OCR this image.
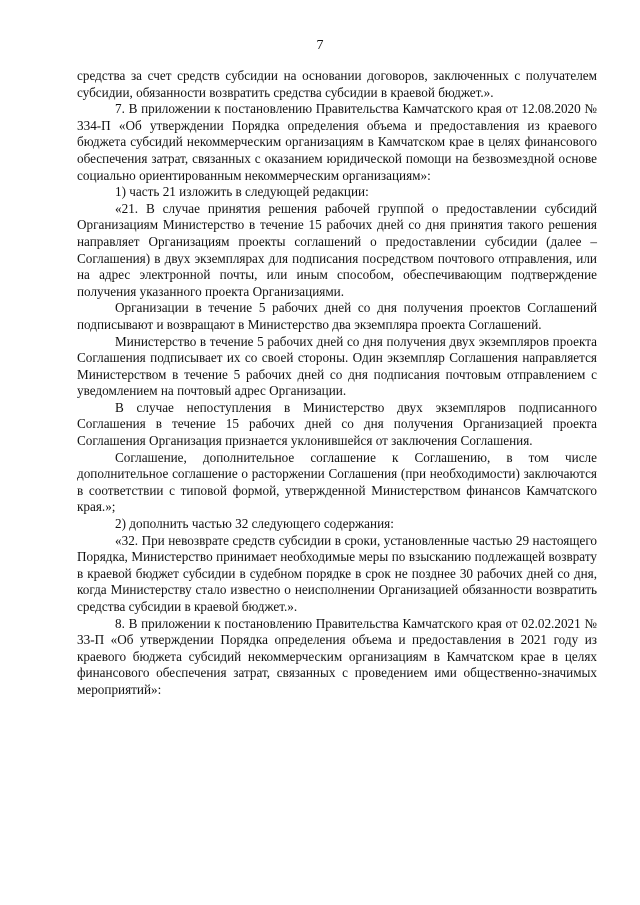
7

средства за счет средств субсидии на основании договоров, заключенных с получателем субсидии, обязанности возвратить средства субсидии в краевой бюджет.».

7. В приложении к постановлению Правительства Камчатского края от 12.08.2020 № 334-П «Об утверждении Порядка определения объема и предоставления из краевого бюджета субсидий некоммерческим организациям в Камчатском крае в целях финансового обеспечения затрат, связанных с оказанием юридической помощи на безвозмездной основе социально ориентированным некоммерческим организациям»:

1) часть 21 изложить в следующей редакции:

«21. В случае принятия решения рабочей группой о предоставлении субсидий Организациям Министерство в течение 15 рабочих дней со дня принятия такого решения направляет Организациям проекты соглашений о предоставлении субсидии (далее – Соглашения) в двух экземплярах для подписания посредством почтового отправления, или на адрес электронной почты, или иным способом, обеспечивающим подтверждение получения указанного проекта Организациями.

Организации в течение 5 рабочих дней со дня получения проектов Соглашений подписывают и возвращают в Министерство два экземпляра проекта Соглашений.

Министерство в течение 5 рабочих дней со дня получения двух экземпляров проекта Соглашения подписывает их со своей стороны. Один экземпляр Соглашения направляется Министерством в течение 5 рабочих дней со дня подписания почтовым отправлением с уведомлением на почтовый адрес Организации.

В случае непоступления в Министерство двух экземпляров подписанного Соглашения в течение 15 рабочих дней со дня получения Организацией проекта Соглашения Организация признается уклонившейся от заключения Соглашения.

Соглашение, дополнительное соглашение к Соглашению, в том числе дополнительное соглашение о расторжении Соглашения (при необходимости) заключаются в соответствии с типовой формой, утвержденной Министерством финансов Камчатского края.»;

2) дополнить частью 32 следующего содержания:

«32. При невозврате средств субсидии в сроки, установленные частью 29 настоящего Порядка, Министерство принимает необходимые меры по взысканию подлежащей возврату в краевой бюджет субсидии в судебном порядке в срок не позднее 30 рабочих дней со дня, когда Министерству стало известно о неисполнении Организацией обязанности возвратить средства субсидии в краевой бюджет.».

8. В приложении к постановлению Правительства Камчатского края от 02.02.2021 № 33-П «Об утверждении Порядка определения объема и предоставления в 2021 году из краевого бюджета субсидий некоммерческим организациям в Камчатском крае в целях финансового обеспечения затрат, связанных с проведением ими общественно-значимых мероприятий»:
